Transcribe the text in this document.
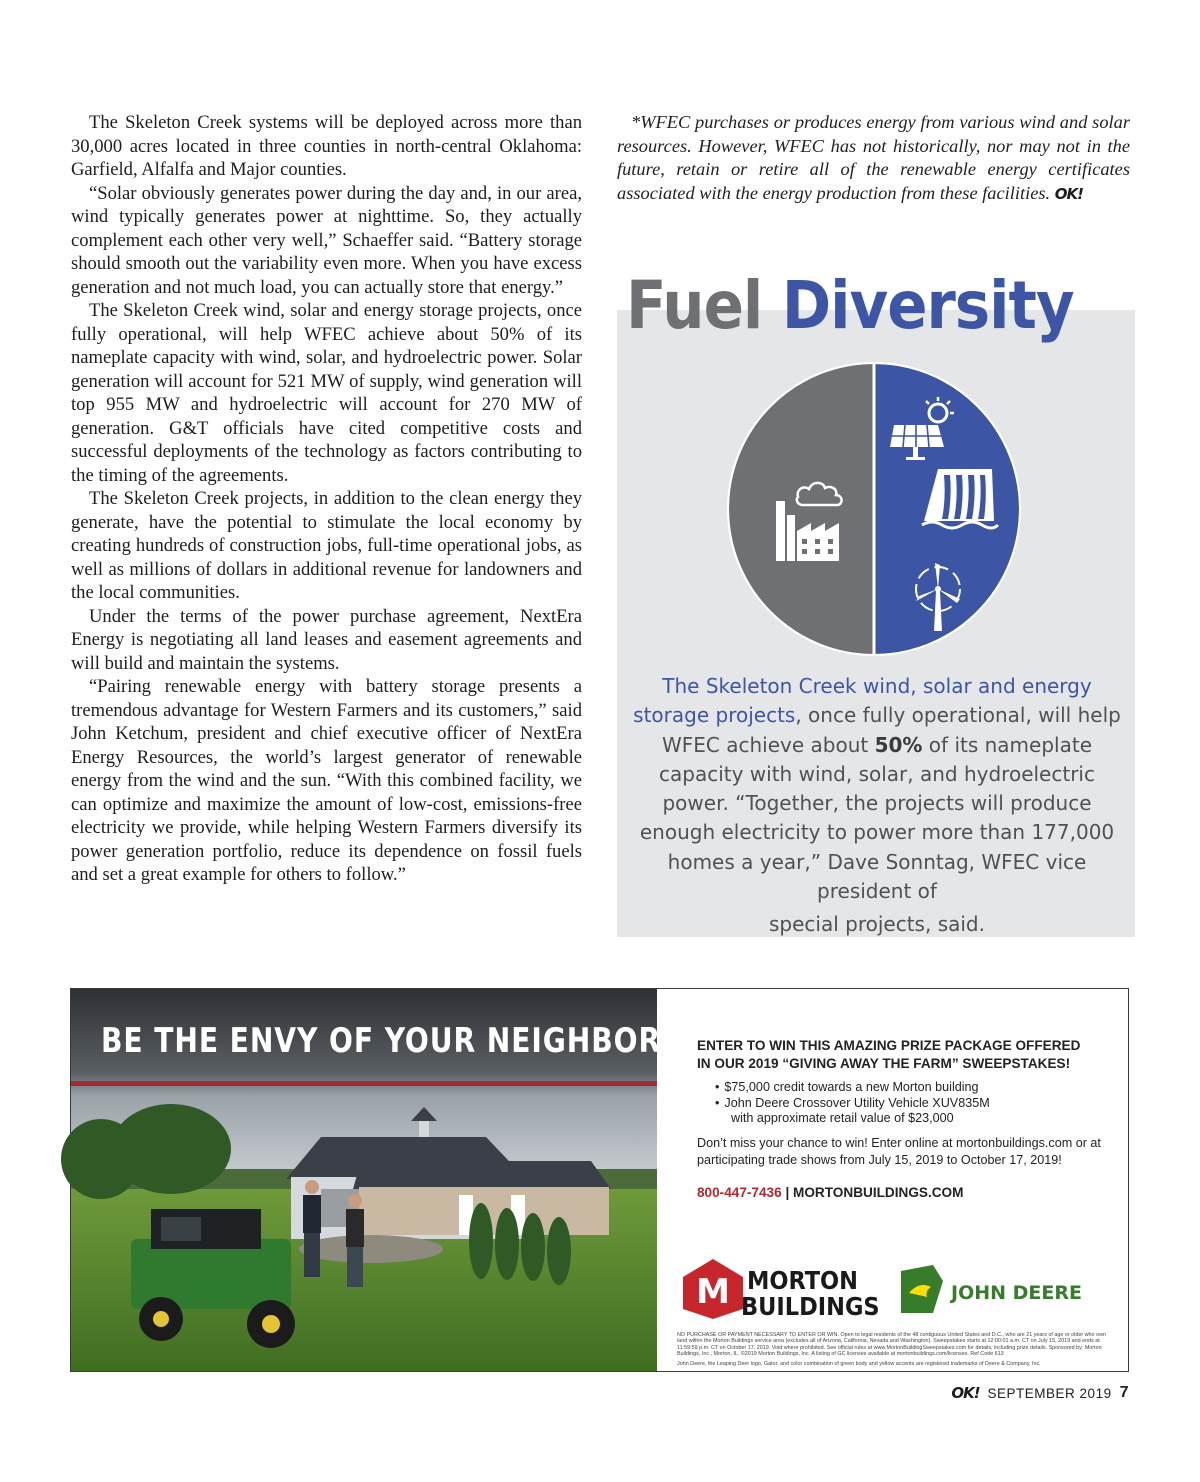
The Skeleton Creek systems will be deployed across more than 30,000 acres located in three counties in north-central Oklahoma: Garfield, Alfalfa and Major counties.

“Solar obviously generates power during the day and, in our area, wind typically generates power at nighttime. So, they actually complement each other very well,” Schaeffer said. “Battery storage should smooth out the variability even more. When you have excess generation and not much load, you can actually store that energy.”

The Skeleton Creek wind, solar and energy storage projects, once fully operational, will help WFEC achieve about 50% of its nameplate capacity with wind, solar, and hydroelectric power. Solar generation will account for 521 MW of supply, wind generation will top 955 MW and hydroelectric will account for 270 MW of generation. G&T officials have cited competitive costs and successful deployments of the technology as factors contributing to the timing of the agreements.

The Skeleton Creek projects, in addition to the clean energy they generate, have the potential to stimulate the local economy by creating hundreds of construction jobs, full-time operational jobs, as well as millions of dollars in additional revenue for landowners and the local communities.

Under the terms of the power purchase agreement, NextEra Energy is negotiating all land leases and easement agreements and will build and maintain the systems.

“Pairing renewable energy with battery storage presents a tremendous advantage for Western Farmers and its customers,” said John Ketchum, president and chief executive officer of NextEra Energy Resources, the world’s largest generator of renewable energy from the wind and the sun. “With this combined facility, we can optimize and maximize the amount of low-cost, emissions-free electricity we provide, while helping Western Farmers diversify its power generation portfolio, reduce its dependence on fossil fuels and set a great example for others to follow.”

*WFEC purchases or produces energy from various wind and solar resources. However, WFEC has not historically, nor may not in the future, retain or retire all of the renewable energy certificates associated with the energy production from these facilities. OK!
Fuel Diversity

The Skeleton Creek wind, solar and energy storage projects, once fully operational, will help WFEC achieve about 50% of its nameplate capacity with wind, solar, and hydroelectric power. “Together, the projects will produce enough electricity to power more than 177,000 homes a year,” Dave Sonntag, WFEC vice president of
special projects, said.

BE THE ENVY OF YOUR NEIGHBORHOOD
ENTER TO WIN THIS AMAZING PRIZE PACKAGE OFFERED
IN OUR 2019 “GIVING AWAY THE FARM” SWEEPSTAKES!
• $75,000 credit towards a new Morton building
• John Deere Crossover Utility Vehicle XUV835M
with approximate retail value of $23,000

Don’t miss your chance to win! Enter online at mortonbuildings.com or at participating trade shows from July 15, 2019 to October 17, 2019!

800-447-7436 | MORTONBUILDINGS.COM
M MORTON
BUILDINGS	JOHN DEERE

NO PURCHASE OR PAYMENT NECESSARY TO ENTER OR WIN. Open to legal residents of the 48 contiguous United States and D.C., who are 21 years of age or older who own land within the Morton Buildings service area (excludes all of Arizona, California, Nevada and Washington). Sweepstakes starts at 12:00:01 a.m. CT on July 15, 2019 and ends at 11:59:59 p.m. CT on October 17, 2019. Void where prohibited. See official rules at www.MortonBuildingSweepstakes.com for details, including prize details. Sponsored by: Morton Buildings, Inc., Morton, IL. ©2019 Morton Buildings, Inc. A listing of GC licenses available at mortonbuildings.com/licenses. Ref Code 613

John Deere, the Leaping Deer logo, Gator, and color combination of green body and yellow accents are registered trademarks of Deere & Company, Inc.

OK! SEPTEMBER 2019 7
